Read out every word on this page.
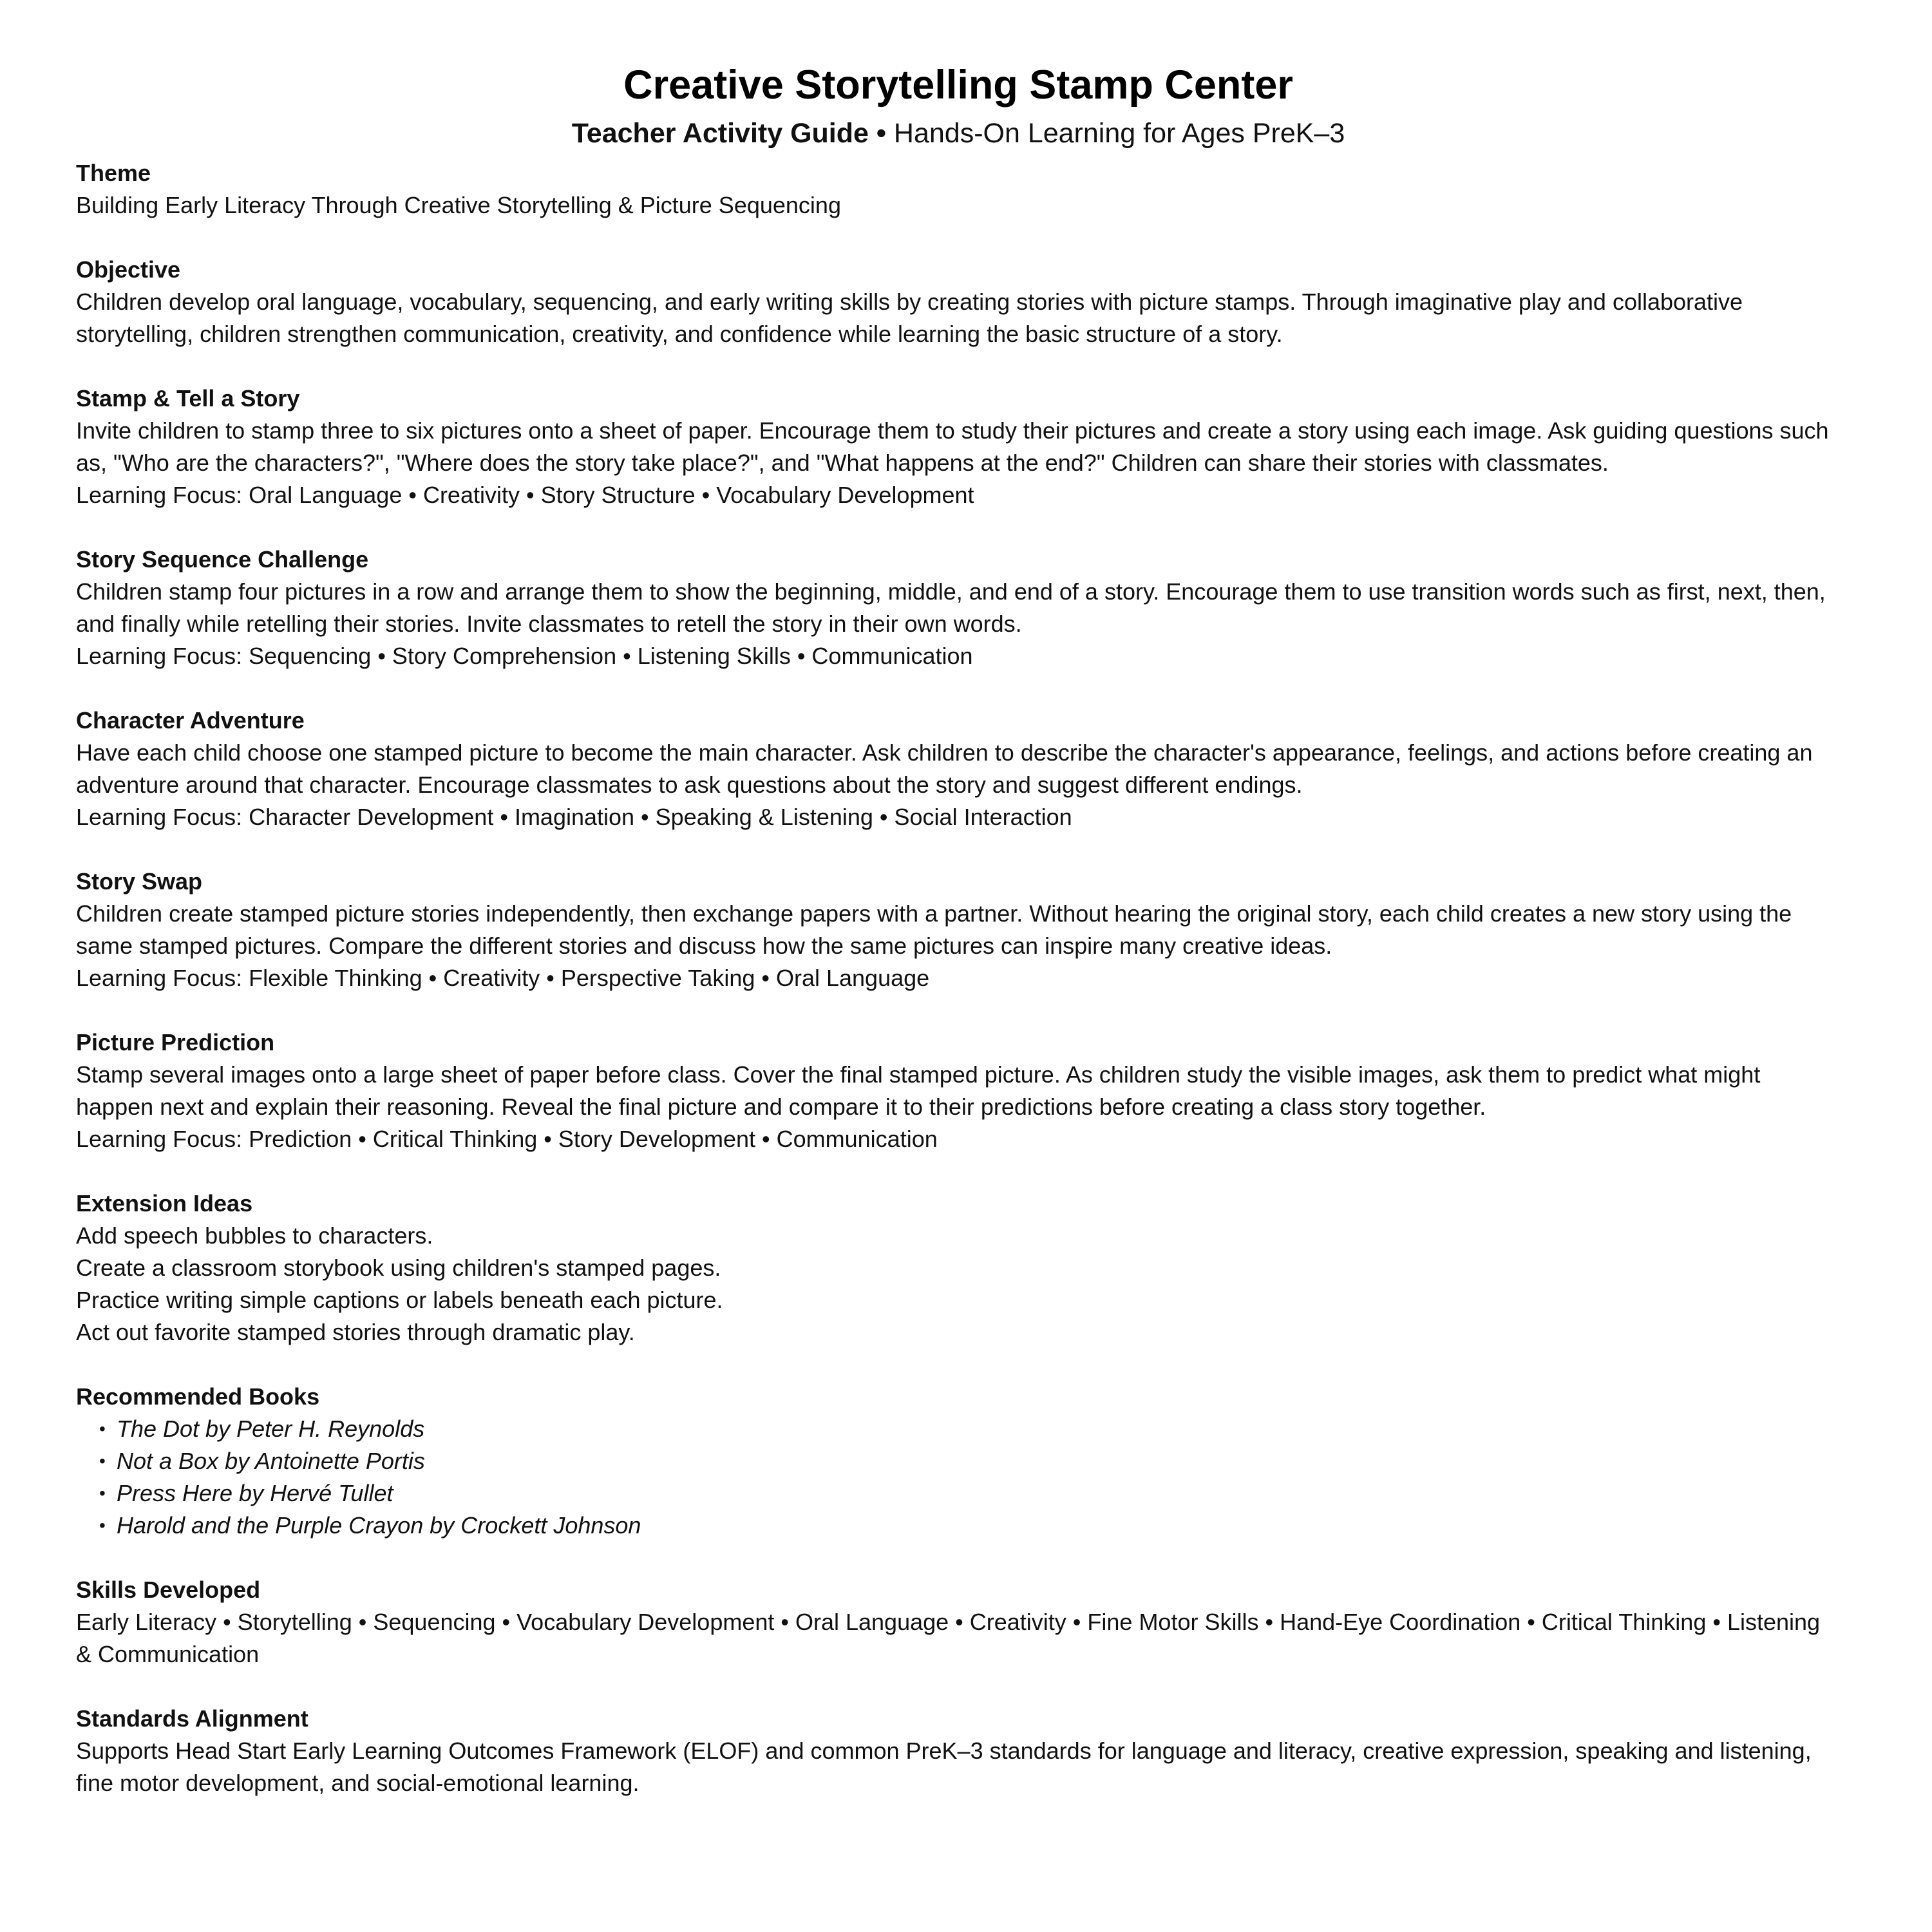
Creative Storytelling Stamp Center
Teacher Activity Guide • Hands-On Learning for Ages PreK–3
Theme
Building Early Literacy Through Creative Storytelling & Picture Sequencing
Objective
Children develop oral language, vocabulary, sequencing, and early writing skills by creating stories with picture stamps. Through imaginative play and collaborative storytelling, children strengthen communication, creativity, and confidence while learning the basic structure of a story.
Stamp & Tell a Story
Invite children to stamp three to six pictures onto a sheet of paper. Encourage them to study their pictures and create a story using each image. Ask guiding questions such as, "Who are the characters?", "Where does the story take place?", and "What happens at the end?" Children can share their stories with classmates.
Learning Focus: Oral Language • Creativity • Story Structure • Vocabulary Development
Story Sequence Challenge
Children stamp four pictures in a row and arrange them to show the beginning, middle, and end of a story. Encourage them to use transition words such as first, next, then, and finally while retelling their stories. Invite classmates to retell the story in their own words.
Learning Focus: Sequencing • Story Comprehension • Listening Skills • Communication
Character Adventure
Have each child choose one stamped picture to become the main character. Ask children to describe the character's appearance, feelings, and actions before creating an adventure around that character. Encourage classmates to ask questions about the story and suggest different endings.
Learning Focus: Character Development • Imagination • Speaking & Listening • Social Interaction
Story Swap
Children create stamped picture stories independently, then exchange papers with a partner. Without hearing the original story, each child creates a new story using the same stamped pictures. Compare the different stories and discuss how the same pictures can inspire many creative ideas.
Learning Focus: Flexible Thinking • Creativity • Perspective Taking • Oral Language
Picture Prediction
Stamp several images onto a large sheet of paper before class. Cover the final stamped picture. As children study the visible images, ask them to predict what might happen next and explain their reasoning. Reveal the final picture and compare it to their predictions before creating a class story together.
Learning Focus: Prediction • Critical Thinking • Story Development • Communication
Extension Ideas
Add speech bubbles to characters.
Create a classroom storybook using children's stamped pages.
Practice writing simple captions or labels beneath each picture.
Act out favorite stamped stories through dramatic play.
Recommended Books
• The Dot by Peter H. Reynolds
• Not a Box by Antoinette Portis
• Press Here by Hervé Tullet
• Harold and the Purple Crayon by Crockett Johnson
Skills Developed
Early Literacy • Storytelling • Sequencing • Vocabulary Development • Oral Language • Creativity • Fine Motor Skills • Hand-Eye Coordination • Critical Thinking • Listening & Communication
Standards Alignment
Supports Head Start Early Learning Outcomes Framework (ELOF) and common PreK–3 standards for language and literacy, creative expression, speaking and listening, fine motor development, and social-emotional learning.
